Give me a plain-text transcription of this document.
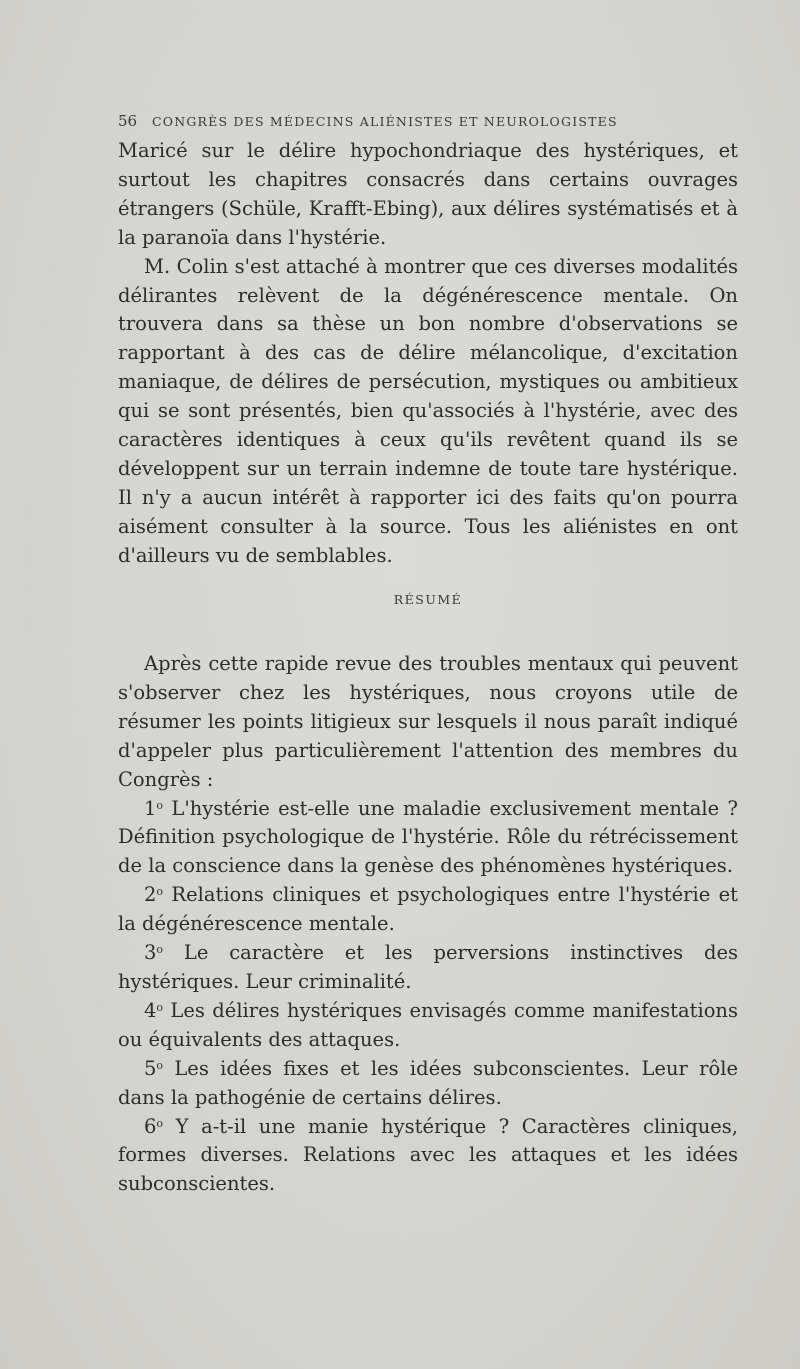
56	CONGRÈS DES MÉDECINS ALIÉNISTES ET NEUROLOGISTES

Maricé sur le délire hypochondriaque des hystériques, et surtout les chapitres consacrés dans certains ouvrages étrangers (Schüle, Krafft-Ebing), aux délires systématisés et à la paranoïa dans l'hystérie.

M. Colin s'est attaché à montrer que ces diverses modalités délirantes relèvent de la dégénérescence mentale. On trouvera dans sa thèse un bon nombre d'observations se rapportant à des cas de délire mélancolique, d'excitation maniaque, de délires de persécution, mystiques ou ambitieux qui se sont présentés, bien qu'associés à l'hystérie, avec des caractères identiques à ceux qu'ils revêtent quand ils se développent sur un terrain indemne de toute tare hystérique. Il n'y a aucun intérêt à rapporter ici des faits qu'on pourra aisément consulter à la source. Tous les aliénistes en ont d'ailleurs vu de semblables.

RÉSUMÉ

Après cette rapide revue des troubles mentaux qui peuvent s'observer chez les hystériques, nous croyons utile de résumer les points litigieux sur lesquels il nous paraît indiqué d'appeler plus particulièrement l'attention des membres du Congrès :

1$^o$ L'hystérie est-elle une maladie exclusivement mentale ? Définition psychologique de l'hystérie. Rôle du rétrécissement de la conscience dans la genèse des phénomènes hystériques.

2$^o$ Relations cliniques et psychologiques entre l'hystérie et la dégénérescence mentale.

3$^o$ Le caractère et les perversions instinctives des hystériques. Leur criminalité.

4$^o$ Les délires hystériques envisagés comme manifestations ou équivalents des attaques.

5$^o$ Les idées fixes et les idées subconscientes. Leur rôle dans la pathogénie de certains délires.

6$^o$ Y a-t-il une manie hystérique ? Caractères cliniques, formes diverses. Relations avec les attaques et les idées subconscientes.
